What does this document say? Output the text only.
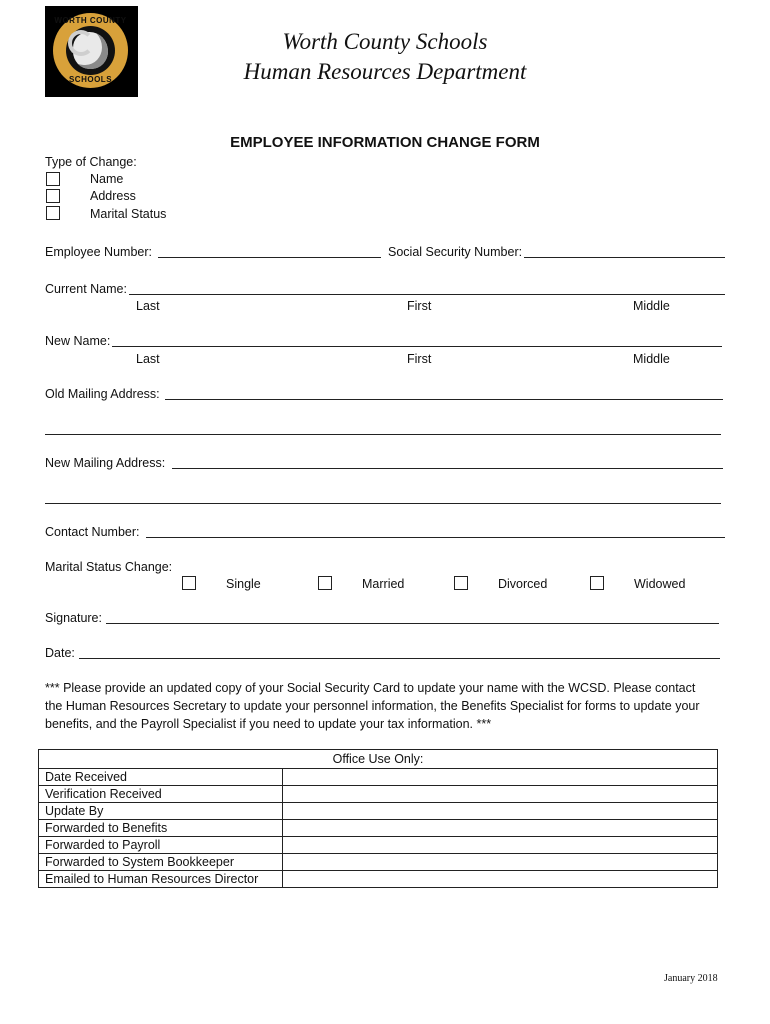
WORTH COUNTY
SCHOOLS
Worth County Schools
Human Resources Department
EMPLOYEE INFORMATION CHANGE FORM
Type of Change:
Name
Address
Marital Status
Employee Number:	Social Security Number:
Current Name:
Last	First	Middle
New Name:
Last	First	Middle
Old Mailing Address:
New Mailing Address:
Contact Number:
Marital Status Change:
Single	Married	Divorced	Widowed
Signature:
Date:
*** Please provide an updated copy of your Social Security Card to update your name with the WCSD. Please contact
the Human Resources Secretary to update your personnel information, the Benefits Specialist for forms to update your
benefits, and the Payroll Specialist if you need to update your tax information. ***
Office Use Only:	
Date Received	
Verification Received	
Update By	
Forwarded to Benefits	
Forwarded to Payroll	
Forwarded to System Bookkeeper	
Emailed to Human Resources Director	
January 2018
